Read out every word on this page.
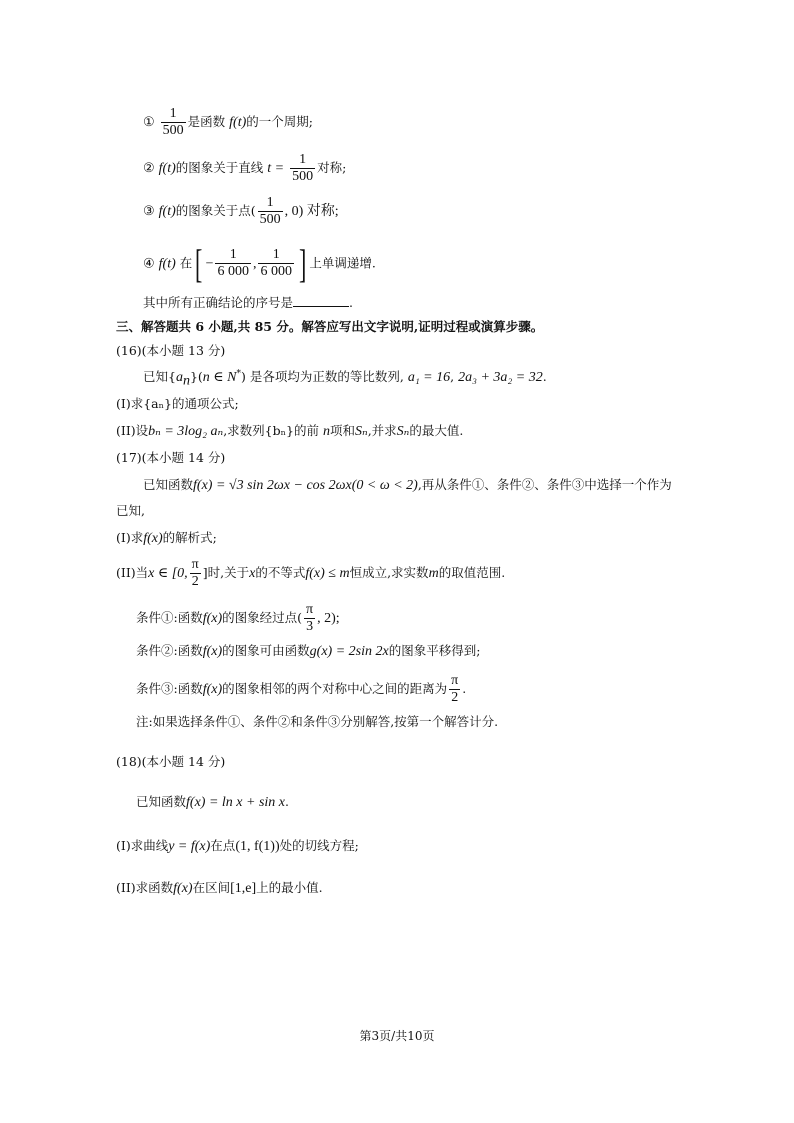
① $\frac{1}{500}$ 是函数 f(t)的一个周期;
② f(t)的图象关于直线 $t = \frac{1}{500}$ 对称;
③ f(t)的图象关于点( $\frac{1}{500}$ , 0) 对称;
④ f(t) 在[ − $\frac{1}{6 000}$ , $\frac{1}{6 000}$ ] 上单调递增.
其中所有正确结论的序号是	.
三、解答题共 6 小题,共 85 分。解答应写出文字说明,证明过程或演算步骤。
(16)(本小题 13 分)
已知$\{a_n\}(n$ ∈ N*) 是各项均为正数的等比数列, a₁ = 16, 2a₃ + 3a₂ = 32.
(I)求{aₙ}的通项公式;
(II)设bₙ = 3log₂ aₙ,求数列{bₙ}的前 n项和Sₙ,并求Sₙ的最大值.
(17)(本小题 14 分)
已知函数f(x) = √3 sin 2ωx − cos 2ωx(0 < ω < 2),再从条件①、条件②、条件③中选择一个作为
已知,
(I)求f(x)的解析式;
(II)当x ∈ [0, $\frac{\pi}{2}$ ]时,关于x的不等式f(x) ≤ m恒成立,求实数m的取值范围.
条件①:函数f(x)的图象经过点( $\frac{\pi}{3}$ , 2);
条件②:函数f(x)的图象可由函数g(x) = 2sin 2x的图象平移得到;
条件③:函数f(x)的图象相邻的两个对称中心之间的距离为 $\frac{\pi}{2}$ .
注:如果选择条件①、条件②和条件③分别解答,按第一个解答计分.
(18)(本小题 14 分)
已知函数f(x) = ln x + sin x.
(I)求曲线y = f(x)在点(1, f(1))处的切线方程;
(II)求函数f(x)在区间[1,e]上的最小值.
第3页/共10页
